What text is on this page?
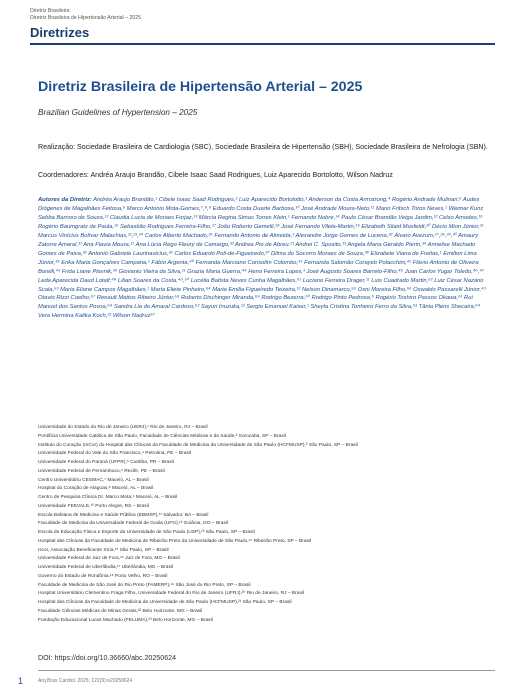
Diretriz Brasileira
Diretriz Brasileira de Hipertensão Arterial – 2025
Diretrizes
Diretriz Brasileira de Hipertensão Arterial – 2025
Brazilian Guidelines of Hypertension – 2025
Realização: Sociedade Brasileira de Cardiologia (SBC), Sociedade Brasileira de Hipertensão (SBH), Sociedade Brasileira de Nefrologia (SBN).
Coordenadores: Andréa Araujo Brandão, Cibele Isaac Saad Rodrigues, Luiz Aparecido Bortolotto, Wilson Nadruz
Autores da Diretriz: Andréa Araujo Brandão,¹ Cibele Isaac Saad Rodrigues,² Luiz Aparecido Bortolotto,³ Anderson da Costa Armstrong,⁴ Rogério Andrade Mulinari,⁵ Audes Diógenes de Magalhães Feitosa,⁶ Marco Antonio Mota-Gomes,⁷,⁸,⁹ Eduardo Costa Duarte Barbosa,¹⁰ José Andrade Moura-Neto,¹¹ Mario Fritsch Toros Neves,¹ Weimar Kunz Sebba Barroso de Souza,¹² Claudia Lucia de Moraes Forjaz,¹³ Márcia Regina Simas Torres Klein,¹ Fernando Nobre,¹⁴ Paulo César Brandão Veiga Jardim,¹² Celso Amodeo,¹⁵ Rogério Baumgratz de Paula,¹⁶ Sebastião Rodrigues Ferreira-Filho,¹⁷ João Roberto Gemelli,¹⁸ José Fernando Vilela-Martin,¹⁹ Elizabeth Silaid Muxfeldt,²⁰ Décio Mion Júnior,²¹ Marcus Vinícius Bolívar Malachias,²²,²³,²⁴ Carlos Alberto Machado,²⁵ Fernando Antonio de Almeida,² Alexandre Jorge Gomes de Lucena,²⁶ Álvaro Avezum,²⁷,²⁸,²⁹,³⁰ Amaury Zatorre Amaral,³¹ Ana Flavia Moura,¹¹ Ana Lúcia Rego Fleury de Camargo,³² Andrea Pio de Abreu,²¹ Andrei C. Sposito,³³ Angela Maria Geraldo Pierin,³⁴ Annelise Machado Gomes de Paiva,³⁵ Antonio Gabriele Laurinavicius,³⁶ Carlos Eduardo Poli-de-Figueiredo,³⁷ Dilma do Socorro Moraes de Souza,³⁸ Elizabete Viana de Freitas,¹ Emilton Lima Júnior,³⁹ Erika Maria Gonçalves Campana,¹ Fábio Argenta,⁴⁰ Fernanda Marciano Consolim Colombo,⁴¹ Fernanda Salomão Corayeb Polacchini,⁴² Flávio Antonio de Oliveira Borelli,⁴³ Frida Liane Plavnik,³⁶ Giovanio Vieira da Silva,²¹ Grazia Maria Guerra,⁴⁴ Heno Ferreira Lopes,³ José Augusto Soares Barreto-Filho,⁴⁵ Juan Carlos Yugar Toledo,⁴⁶,⁴⁷ Leda Aparecida Daud Lotaif,⁴⁸ Lilian Soares da Costa,⁴⁹,⁵⁰ Lucélia Batista Neves Cunha Magalhães,⁵¹ Luciano Ferreira Drager,²¹ Luis Cuadrado Martin,⁵² Luiz César Nazário Scala,⁵³ Maria Eliane Campos Magalhães,¹ Maria Eliete Pinheiro,⁵⁴ Maria Emilia Figueiredo Teixeira,¹² Nelson Dinamarco,⁵⁵ Osni Moreira Filho,⁵⁶ Oswaldo Passarelli Júnior,⁴³ Otavio Rizzi Coelho,⁵⁷ Renault Mattos Ribeiro Júnior,⁵⁸ Roberto Dischinger Miranda,⁵⁹ Rodrigo Bezerra,⁶⁰ Rodrigo Pinto Pedrosa,⁶ Rogério Toshiro Passos Okawa,⁶¹ Rui Manuel dos Santos Povoa,⁵⁹ Sandra Lia do Amaral Cardoso,⁶² Sayuri Inuzuka,¹² Sergio Emanuel Kaiser,¹ Sheyla Cristina Tonheiro Ferro da Silva,⁶³ Tânia Plens Shecaira,⁶⁴ Vera Hermina Kalika Koch,²¹ Wilson Nadruz⁵⁷
Universidade do Estado do Rio de Janeiro (UERJ),¹ Rio de Janeiro, RJ – Brasil
Pontifícia Universidade Católica de São Paulo, Faculdade de Ciências Médicas e da Saúde,² Sorocaba, SP – Brasil
Instituto do Coração (InCor) do Hospital das Clínicas da Faculdade de Medicina da Universidade de São Paulo (HCFMUSP),³ São Paulo, SP – Brasil
Universidade Federal do Vale do São Francisco,⁴ Petrolina, PE – Brasil
Universidade Federal do Paraná (UFPR),⁵ Curitiba, PR – Brasil
Universidade Federal de Pernambuco,⁶ Recife, PE – Brasil
Centro Universitário CESMAC,⁷ Maceió, AL – Brasil
Hospital do Coração de Alagoas,⁸ Maceió, AL – Brasil
Centro de Pesquisa Clínica Dr. Marco Mota,⁹ Maceió, AL – Brasil
Universidade FEEVALE,¹⁰ Porto Alegre, RS – Brasil
Escola Bahiana de Medicina e Saúde Pública (EBMSP),¹¹ Salvador, BA – Brasil
Faculdade de Medicina da Universidade Federal de Goiás (UFG),¹² Goiânia, GO – Brasil
Escola de Educação Física e Esporte da Universidade de São Paulo (USP),¹³ São Paulo, SP – Brasil
Hospital das Clínicas da Faculdade de Medicina de Ribeirão Preto da Universidade de São Paulo,¹⁴ Ribeirão Preto, SP – Brasil
Hcor, Associação Beneficente Síria,¹⁵ São Paulo, SP – Brasil
Universidade Federal de Juiz de Fora,¹⁶ Juiz de Fora, MG – Brasil
Universidade Federal de Uberlândia,¹⁷ Uberlândia, MG – Brasil
Governo do Estado de Rondônia,¹⁸ Porto Velho, RO – Brasil
Faculdade de Medicina de São José do Rio Preto (FAMERP),¹⁹ São José do Rio Preto, SP – Brasil
Hospital Universitário Clementino Fraga Filho, Universidade Federal do Rio de Janeiro (UFRJ),²⁰ Rio de Janeiro, RJ – Brasil
Hospital das Clínicas da Faculdade de Medicina da Universidade de São Paulo (HCFMUSP),²¹ São Paulo, SP – Brasil
Faculdade Ciências Médicas de Minas Gerais,²² Belo Horizonte, MG – Brasil
Fundação Educacional Lucas Machado (FELUMA),²³ Belo Horizonte, MG – Brasil
DOI: https://doi.org/10.36660/abc.20250624
1	Arq Bras Cardiol. 2025; 122(9):e20250624
